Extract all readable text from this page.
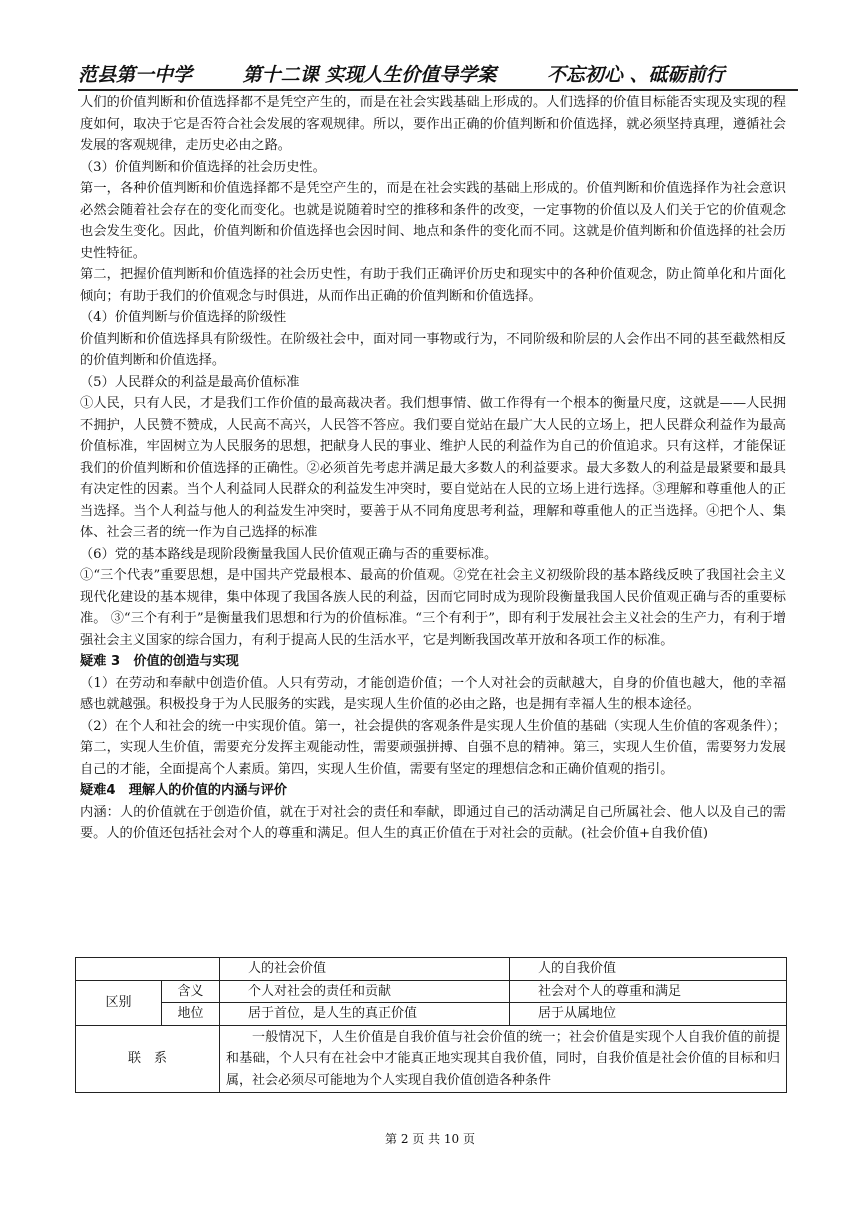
范县第一中学	第十二课 实现人生价值导学案	不忘初心 、砥砺前行

人们的价值判断和价值选择都不是凭空产生的，而是在社会实践基础上形成的。人们选择的价值目标能否实现及实现的程度如何，取决于它是否符合社会发展的客观规律。所以，要作出正确的价值判断和价值选择，就必须坚持真理，遵循社会发展的客观规律，走历史必由之路。

（3）价值判断和价值选择的社会历史性。

第一，各种价值判断和价值选择都不是凭空产生的，而是在社会实践的基础上形成的。价值判断和价值选择作为社会意识必然会随着社会存在的变化而变化。也就是说随着时空的推移和条件的改变，一定事物的价值以及人们关于它的价值观念也会发生变化。因此，价值判断和价值选择也会因时间、地点和条件的变化而不同。这就是价值判断和价值选择的社会历史性特征。

第二，把握价值判断和价值选择的社会历史性，有助于我们正确评价历史和现实中的各种价值观念，防止简单化和片面化倾向；有助于我们的价值观念与时俱进，从而作出正确的价值判断和价值选择。

（4）价值判断与价值选择的阶级性

价值判断和价值选择具有阶级性。在阶级社会中，面对同一事物或行为，不同阶级和阶层的人会作出不同的甚至截然相反的价值判断和价值选择。

（5）人民群众的利益是最高价值标准

①人民，只有人民，才是我们工作价值的最高裁决者。我们想事情、做工作得有一个根本的衡量尺度，这就是——人民拥不拥护，人民赞不赞成，人民高不高兴，人民答不答应。我们要自觉站在最广大人民的立场上，把人民群众利益作为最高价值标准，牢固树立为人民服务的思想，把献身人民的事业、维护人民的利益作为自己的价值追求。只有这样，才能保证我们的价值判断和价值选择的正确性。②必须首先考虑并满足最大多数人的利益要求。最大多数人的利益是最紧要和最具有决定性的因素。当个人利益同人民群众的利益发生冲突时，要自觉站在人民的立场上进行选择。③理解和尊重他人的正当选择。当个人利益与他人的利益发生冲突时，要善于从不同角度思考利益，理解和尊重他人的正当选择。④把个人、集体、社会三者的统一作为自己选择的标准

（6）党的基本路线是现阶段衡量我国人民价值观正确与否的重要标准。

①“三个代表”重要思想，是中国共产党最根本、最高的价值观。②党在社会主义初级阶段的基本路线反映了我国社会主义现代化建设的基本规律，集中体现了我国各族人民的利益，因而它同时成为现阶段衡量我国人民价值观正确与否的重要标准。 ③“三个有利于”是衡量我们思想和行为的价值标准。“三个有利于”，即有利于发展社会主义社会的生产力，有利于增强社会主义国家的综合国力，有利于提高人民的生活水平，它是判断我国改革开放和各项工作的标准。

疑难 3　价值的创造与实现

（1）在劳动和奉献中创造价值。人只有劳动，才能创造价值；一个人对社会的贡献越大，自身的价值也越大，他的幸福感也就越强。积极投身于为人民服务的实践，是实现人生价值的必由之路，也是拥有幸福人生的根本途径。

（2）在个人和社会的统一中实现价值。第一，社会提供的客观条件是实现人生价值的基础（实现人生价值的客观条件）；第二，实现人生价值，需要充分发挥主观能动性，需要顽强拼搏、自强不息的精神。第三，实现人生价值，需要努力发展自己的才能，全面提高个人素质。第四，实现人生价值，需要有坚定的理想信念和正确价值观的指引。

疑难4　理解人的价值的内涵与评价

内涵：人的价值就在于创造价值，就在于对社会的责任和奉献，即通过自己的活动满足自己所属社会、他人以及自己的需要。人的价值还包括社会对个人的尊重和满足。但人生的真正价值在于对社会的贡献。(社会价值+自我价值)

		人的社会价值	人的自我价值
区别	含义	个人对社会的责任和贡献	社会对个人的尊重和满足
	地位	居于首位，是人生的真正价值	居于从属地位
联　系		一般情况下，人生价值是自我价值与社会价值的统一；社会价值是实现个人自我价值的前提和基础，个人只有在社会中才能真正地实现其自我价值，同时，自我价值是社会价值的目标和归属，社会必须尽可能地为个人实现自我价值创造各种条件	
第 2 页 共 10 页
